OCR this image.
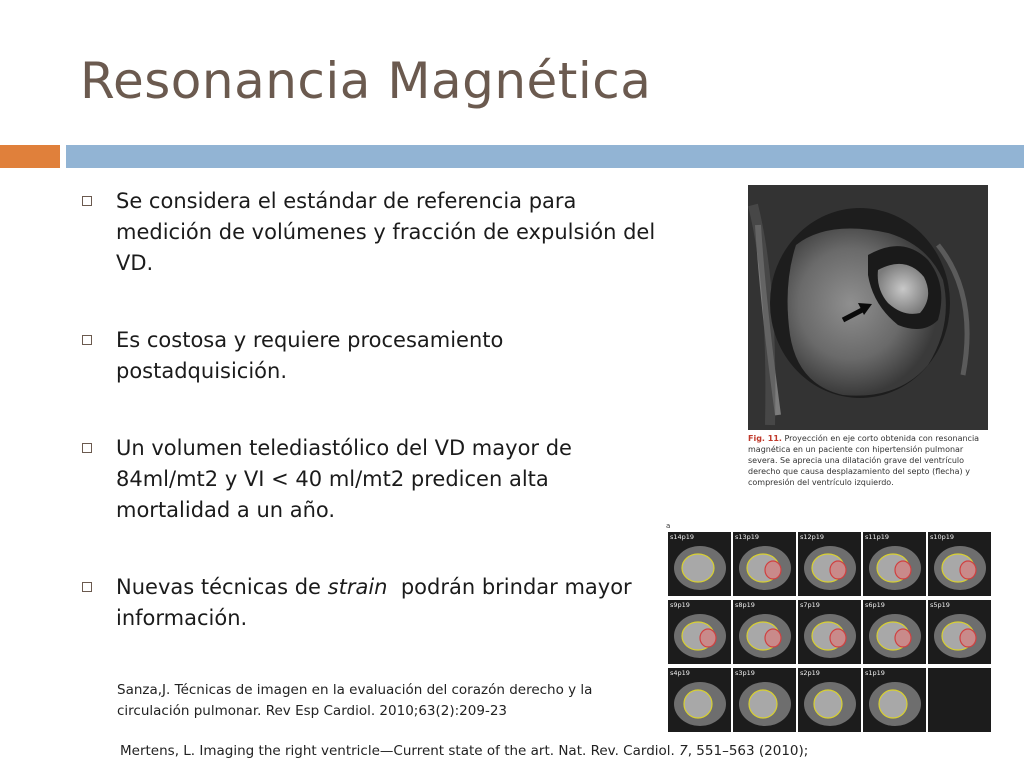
Resonancia Magnética
Se considera el estándar de referencia para medición de volúmenes y fracción de expulsión del VD.
Es costosa y requiere procesamiento postadquisición.
Un volumen telediastólico del VD mayor de 84ml/mt2 y VI < 40 ml/mt2 predicen alta mortalidad a un año.
Nuevas técnicas de strain  podrán brindar mayor información.
Sanza,J. Técnicas de imagen en la evaluación del corazón derecho y la circulación pulmonar. Rev Esp Cardiol. 2010;63(2):209-23
Mertens, L. Imaging the right ventricle—Current state of the art. Nat. Rev. Cardiol. 7, 551–563 (2010);
Fig. 11. Proyección en eje corto obtenida con resonancia magnética en un paciente con hipertensión pulmonar severa. Se aprecia una dilatación grave del ventrículo derecho que causa desplazamiento del septo (flecha) y compresión del ventrículo izquierdo.
a
s14p19	s13p19	s12p19	s11p19	s10p19
s9p19	s8p19	s7p19	s6p19	s5p19
s4p19	s3p19	s2p19	s1p19
